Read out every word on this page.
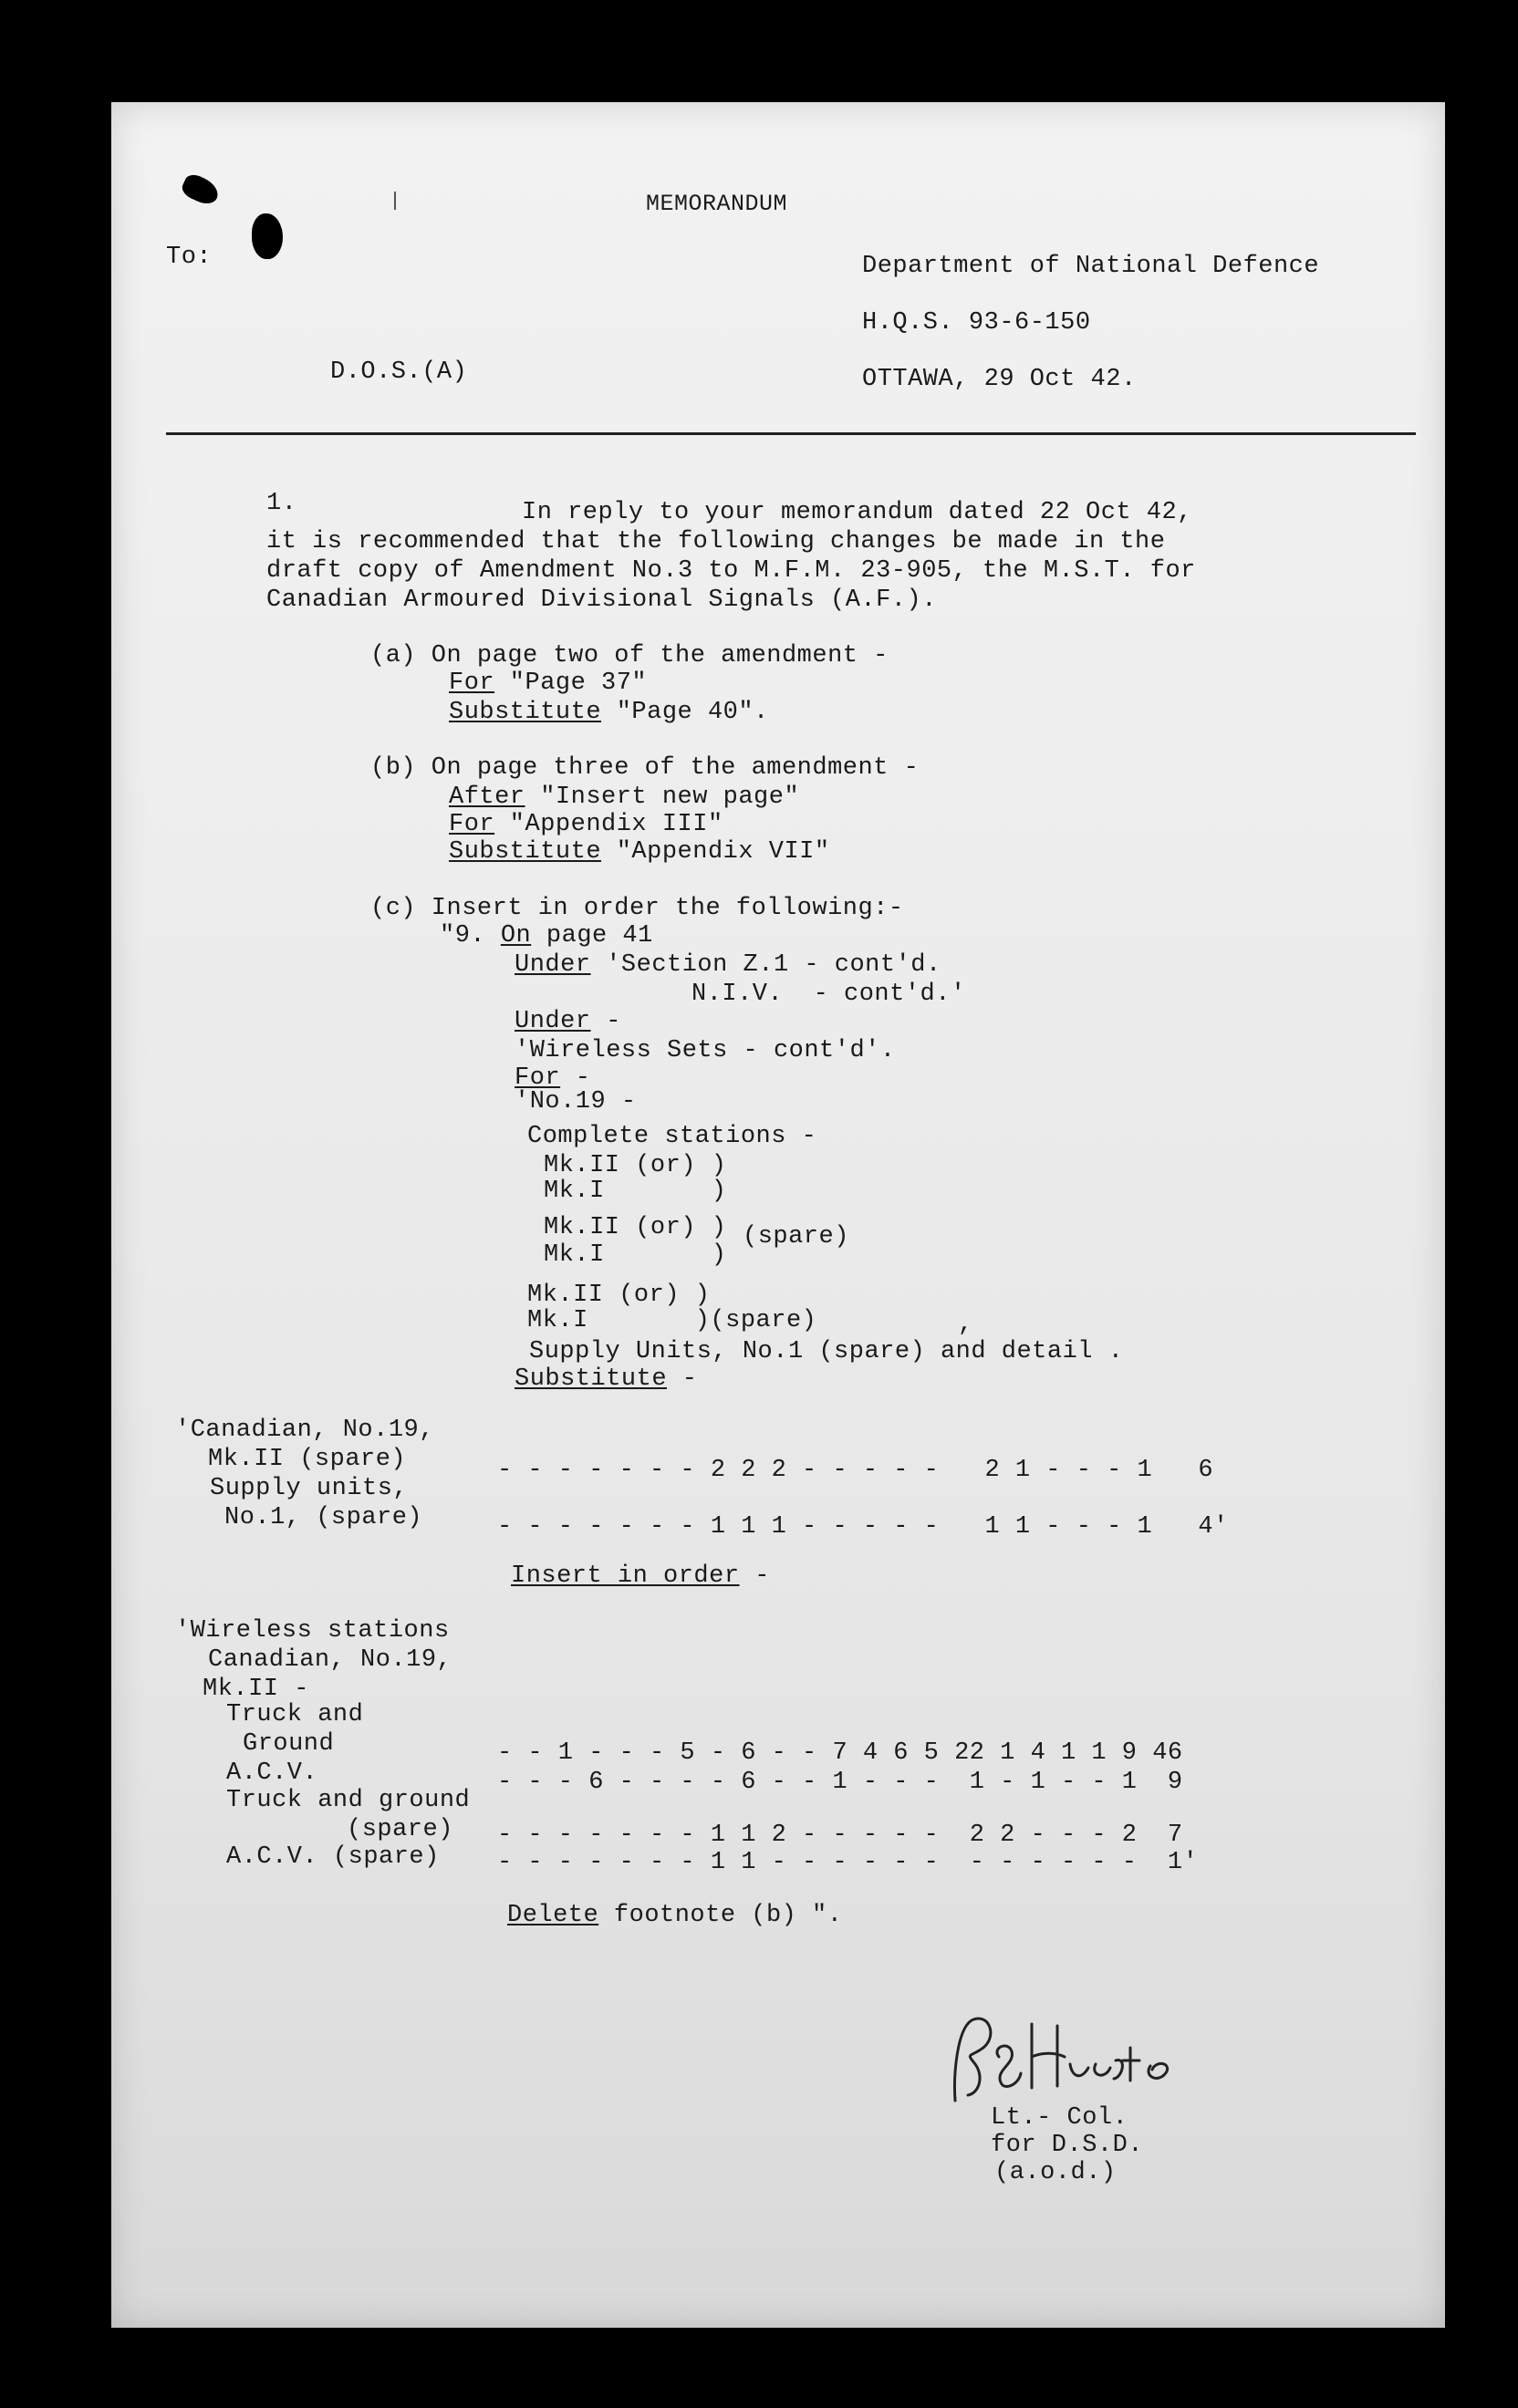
MEMORANDUM
To:	Department of National Defence
H.Q.S. 93-6-150
OTTAWA, 29 Oct 42.
D.O.S.(A)
1.	In reply to your memorandum dated 22 Oct 42,
it is recommended that the following changes be made in the
draft copy of Amendment No.3 to M.F.M. 23-905, the M.S.T. for
Canadian Armoured Divisional Signals (A.F.).
(a) On page two of the amendment -
For "Page 37"
Substitute "Page 40".
(b) On page three of the amendment -
After "Insert new page"
For "Appendix III"
Substitute "Appendix VII"
(c) Insert in order the following:-
"9. On page 41
Under 'Section Z.1 - cont'd.
N.I.V.  - cont'd.'
Under -
'Wireless Sets - cont'd'.
For -
'No.19 -
Complete stations -
Mk.II (or) )
Mk.I       )
Mk.II (or) ) (spare)
Mk.I       )
Mk.II (or) )
Mk.I       )(spare)	,
Supply Units, No.1 (spare) and detail .
Substitute -
'Canadian, No.19,
Mk.II (spare)	- - - - - - - 2 2 2 - - - - -   2 1 - - - 1   6
Supply units,
No.1, (spare)	- - - - - - - 1 1 1 - - - - -   1 1 - - - 1   4'
Insert in order -
'Wireless stations
Canadian, No.19,
Mk.II -
Truck and
Ground	- - 1 - - - 5 - 6 - - 7 4 6 5 22 1 4 1 1 9 46
A.C.V.	- - - 6 - - - - 6 - - 1 - - -  1 - 1 - - 1  9
Truck and ground
(spare) - - - - - - - 1 1 2 - - - - -  2 2 - - - 2  7
A.C.V. (spare) - - - - - - - 1 1 - - - - - -  - - - - - -  1'
Delete footnote (b) ".
Lt.- Col.
for D.S.D.
(a.o.d.)
